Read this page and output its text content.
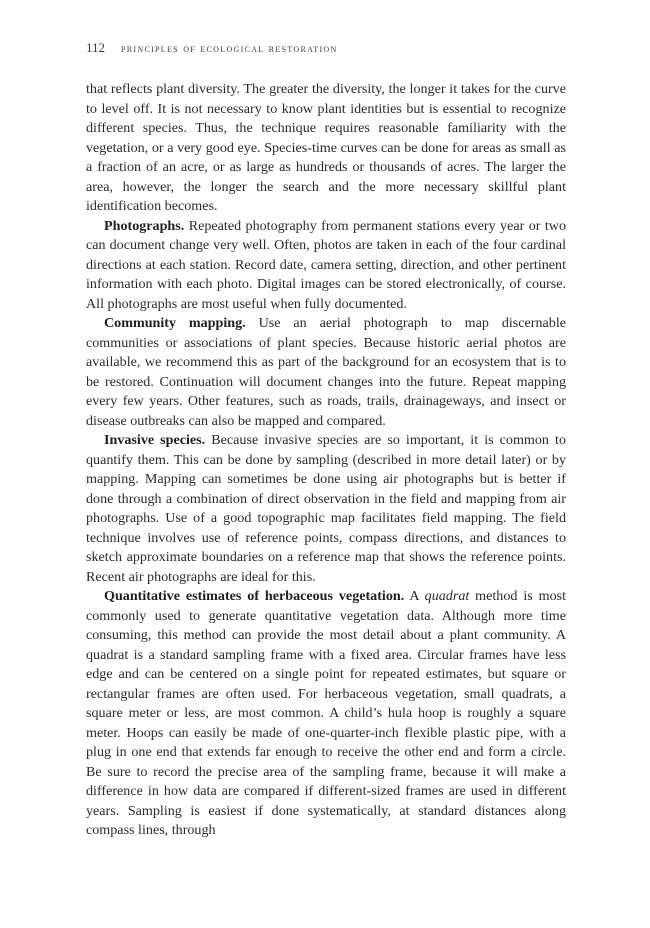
112 principles of ecological restoration

that reflects plant diversity. The greater the diversity, the longer it takes for the curve to level off. It is not necessary to know plant identities but is essential to recognize different species. Thus, the technique requires reasonable familiarity with the vegetation, or a very good eye. Species-time curves can be done for areas as small as a fraction of an acre, or as large as hundreds or thousands of acres. The larger the area, however, the longer the search and the more necessary skillful plant identification becomes.

Photographs. Repeated photography from permanent stations every year or two can document change very well. Often, photos are taken in each of the four cardinal directions at each station. Record date, camera setting, direction, and other pertinent information with each photo. Digital images can be stored electronically, of course. All photographs are most useful when fully documented.

Community mapping. Use an aerial photograph to map discernable communities or associations of plant species. Because historic aerial photos are available, we recommend this as part of the background for an ecosystem that is to be restored. Continuation will document changes into the future. Repeat mapping every few years. Other features, such as roads, trails, drainageways, and insect or disease outbreaks can also be mapped and compared.

Invasive species. Because invasive species are so important, it is common to quantify them. This can be done by sampling (described in more detail later) or by mapping. Mapping can sometimes be done using air photographs but is better if done through a combination of direct observation in the field and mapping from air photographs. Use of a good topographic map facilitates field mapping. The field technique involves use of reference points, compass directions, and distances to sketch approximate boundaries on a reference map that shows the reference points. Recent air photographs are ideal for this.

Quantitative estimates of herbaceous vegetation. A quadrat method is most commonly used to generate quantitative vegetation data. Although more time consuming, this method can provide the most detail about a plant community. A quadrat is a standard sampling frame with a fixed area. Circular frames have less edge and can be centered on a single point for repeated estimates, but square or rectangular frames are often used. For herbaceous vegetation, small quadrats, a square meter or less, are most common. A child’s hula hoop is roughly a square meter. Hoops can easily be made of one-quarter-inch flexible plastic pipe, with a plug in one end that extends far enough to receive the other end and form a circle. Be sure to record the precise area of the sampling frame, because it will make a difference in how data are compared if different-sized frames are used in different years. Sampling is easiest if done systematically, at standard distances along compass lines, through
